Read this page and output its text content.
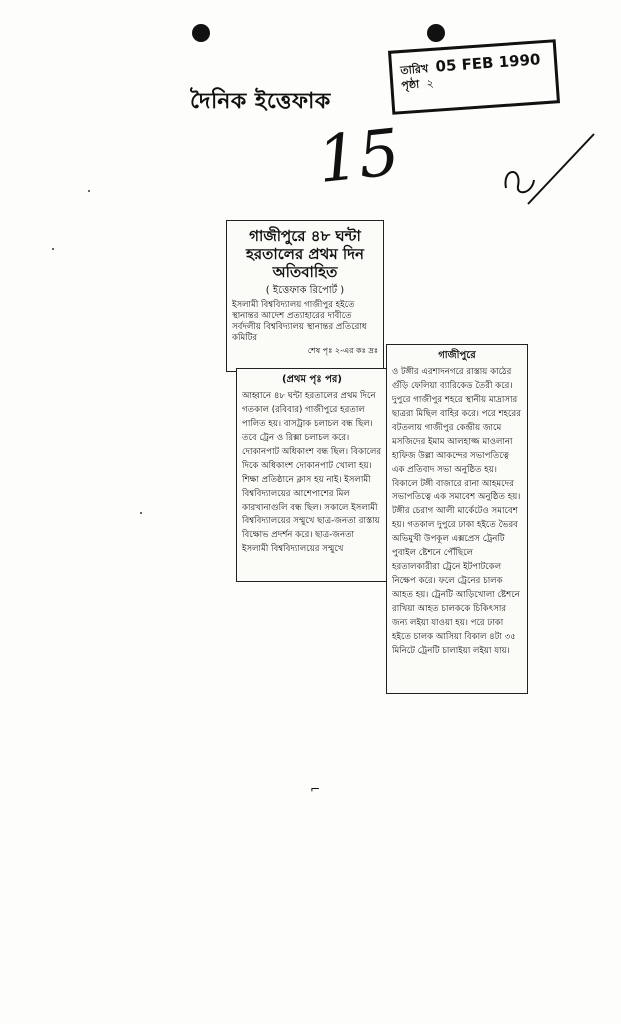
দৈনিক ইত্তেফাক
তারিখ 05 FEB 1990
পৃষ্ঠা ২
15
গাজীপুরে ৪৮ ঘন্টা হরতালের প্রথম দিন অতিবাহিত
( ইত্তেফাক রিপোর্ট )
ইসলামী বিশ্ববিদ্যালয় গাজীপুর হইতে স্থানান্তর আদেশ প্রত্যাহারের দাবীতে সর্বদলীয় বিশ্ববিদ্যালয় স্থানান্তর প্রতিরোধ কমিটির
শেষ পৃঃ ২-এর কঃ দ্রঃ
(প্রথম পৃঃ পর)
আহ্বানে ৪৮ ঘন্টা হরতালের প্রথম দিনে গতকাল (রবিবার) গাজীপুরে হরতাল পালিত হয়। বাসট্রাক চলাচল বন্ধ ছিল। তবে ট্রেন ও রিক্সা চলাচল করে। দোকানপাট অধিকাংশ বন্ধ ছিল। বিকালের দিকে অধিকাংশ দোকানপাট খোলা হয়। শিক্ষা প্রতিষ্ঠানে ক্লাস হয় নাই। ইসলামী বিশ্ববিদ্যালয়ের আশেপাশের মিল কারখানাগুলি বন্ধ ছিল। সকালে ইসলামী বিশ্ববিদ্যালয়ের সম্মুখে ছাত্র-জনতা রাস্তায় বিক্ষোভ প্রদর্শন করে। ছাত্র-জনতা ইসলামী বিশ্ববিদ্যালয়ের সম্মুখে
গাজীপুরে
ও টঙ্গীর এরশাদনগরে রাস্তায় কাঠের গুঁড়ি ফেলিয়া ব্যারিকেড তৈরী করে। দুপুরে গাজীপুর শহরে স্থানীয় মাদ্রাসার ছাত্ররা মিছিল বাহির করে। পরে শহরের বটতলায় গাজীপুর কেন্দ্রীয় জামে মসজিদের ইমাম আলহাজ্জ মাওলানা হাফিজ উল্লা আকন্দের সভাপতিত্বে এক প্রতিবাদ সভা অনুষ্ঠিত হয়। বিকালে টঙ্গী বাজারে রানা আহমদের সভাপতিত্বে এক সমাবেশ অনুষ্ঠিত হয়। টঙ্গীর চেরাগ আলী মার্কেটেও সমাবেশ হয়। গতকাল দুপুরে ঢাকা হইতে ভৈরব অভিমুখী উপকূল এক্সপ্রেস ট্রেনটি পুবাইল ষ্টেশনে পৌঁছিলে হরতালকারীরা ট্রেনে ইটপাটকেল নিক্ষেপ করে। ফলে ট্রেনের চালক আহত হয়। ট্রেনটি আড়িখোলা ষ্টেশনে রাখিয়া আহত চালককে চিকিৎসার জন্য লইয়া যাওয়া হয়। পরে ঢাকা হইতে চালক আসিয়া বিকাল ৪টা ৩৫ মিনিটে ট্রেনটি চালাইয়া লইয়া যায়।
⌐
